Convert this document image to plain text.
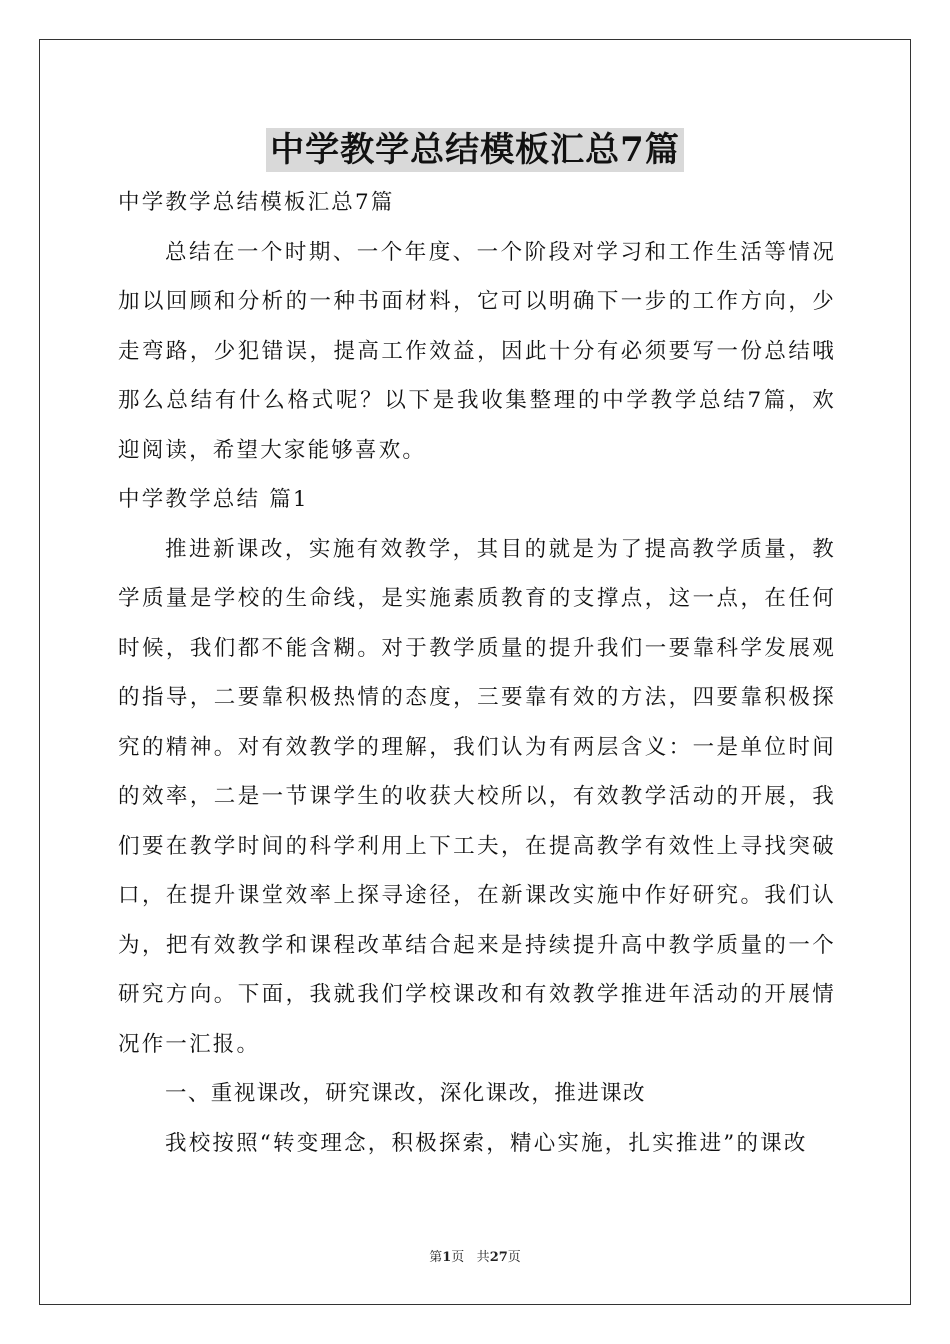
中学教学总结模板汇总7篇

中学教学总结模板汇总7篇

总结在一个时期、一个年度、一个阶段对学习和工作生活等情况加以回顾和分析的一种书面材料，它可以明确下一步的工作方向，少走弯路，少犯错误，提高工作效益，因此十分有必须要写一份总结哦那么总结有什么格式呢？以下是我收集整理的中学教学总结7篇，欢迎阅读，希望大家能够喜欢。

中学教学总结 篇1

推进新课改，实施有效教学，其目的就是为了提高教学质量，教学质量是学校的生命线，是实施素质教育的支撑点，这一点，在任何时候，我们都不能含糊。对于教学质量的提升我们一要靠科学发展观的指导，二要靠积极热情的态度，三要靠有效的方法，四要靠积极探究的精神。对有效教学的理解，我们认为有两层含义：一是单位时间的效率，二是一节课学生的收获大校所以，有效教学活动的开展，我们要在教学时间的科学利用上下工夫，在提高教学有效性上寻找突破口，在提升课堂效率上探寻途径，在新课改实施中作好研究。我们认为，把有效教学和课程改革结合起来是持续提升高中教学质量的一个研究方向。下面，我就我们学校课改和有效教学推进年活动的开展情况作一汇报。

一、重视课改，研究课改，深化课改，推进课改

我校按照“转变理念，积极探索，精心实施，扎实推进”的课改

第1页 共27页
